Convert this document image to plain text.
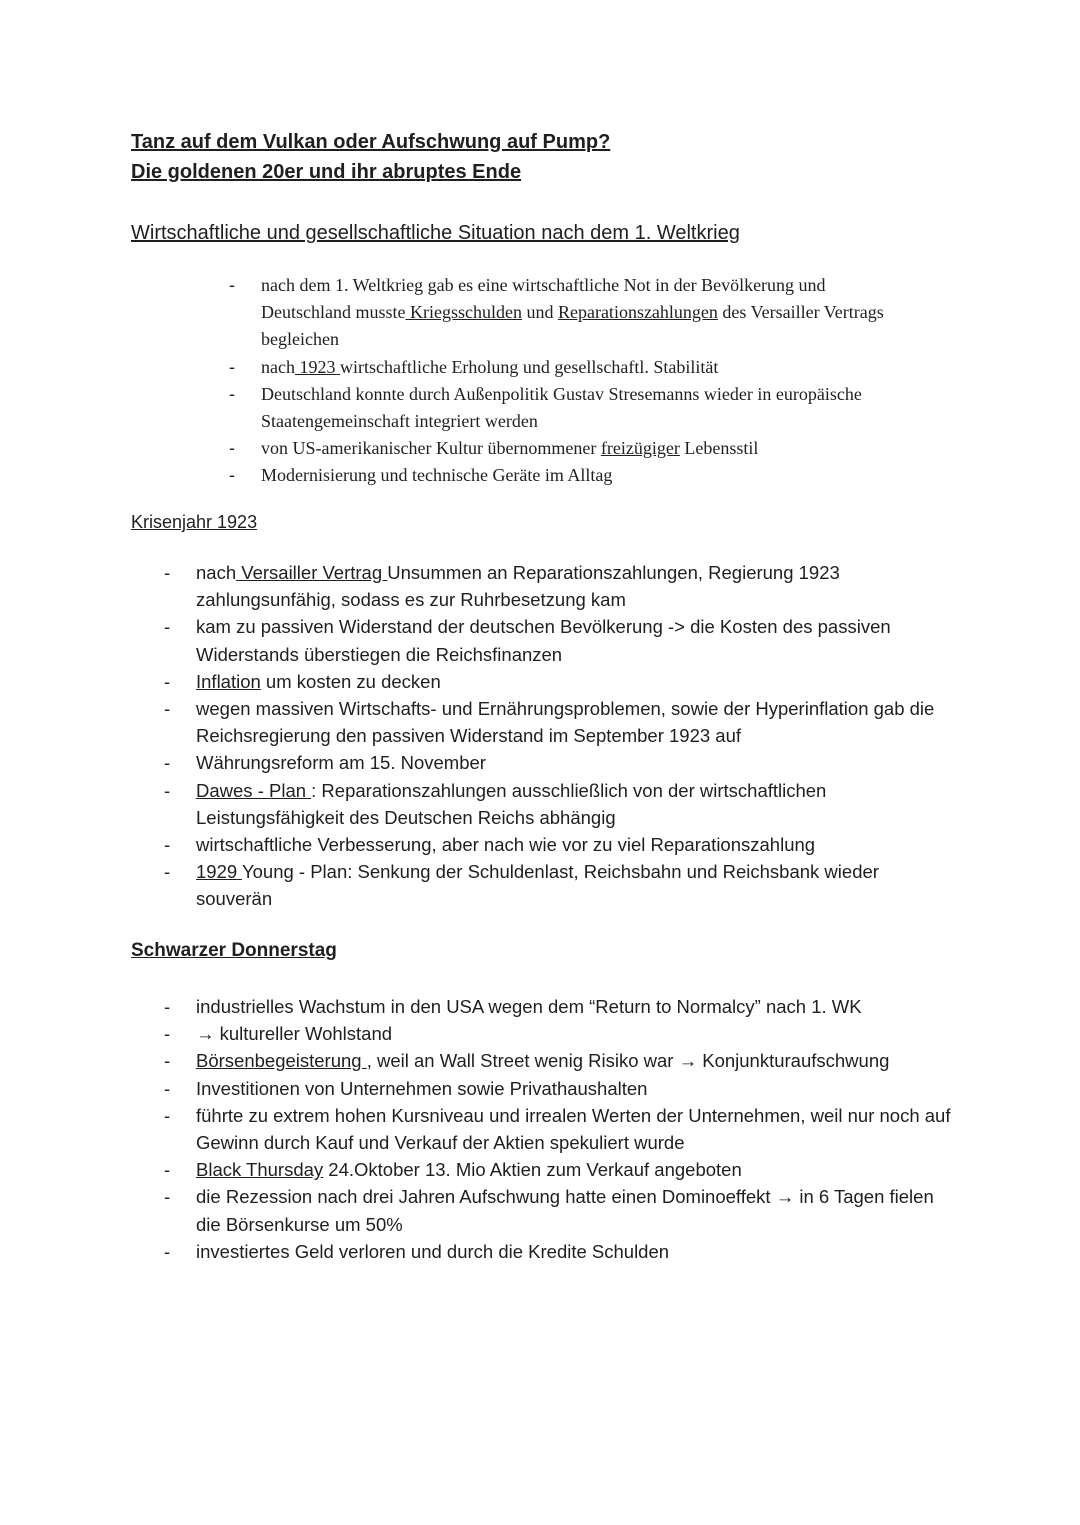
Tanz auf dem Vulkan oder Aufschwung auf Pump?
Die goldenen 20er und ihr abruptes Ende
Wirtschaftliche und gesellschaftliche Situation nach dem 1. Weltkrieg
- nach dem 1. Weltkrieg gab es eine wirtschaftliche Not in der Bevölkerung und Deutschland musste Kriegsschulden und Reparationszahlungen des Versailler Vertrags begleichen
- nach 1923 wirtschaftliche Erholung und gesellschaftl. Stabilität
- Deutschland konnte durch Außenpolitik Gustav Stresemanns wieder in europäische Staatengemeinschaft integriert werden
- von US-amerikanischer Kultur übernommener freizügiger Lebensstil
- Modernisierung und technische Geräte im Alltag
Krisenjahr 1923
- nach Versailler Vertrag Unsummen an Reparationszahlungen, Regierung 1923 zahlungsunfähig, sodass es zur Ruhrbesetzung kam
- kam zu passiven Widerstand der deutschen Bevölkerung -> die Kosten des passiven Widerstands überstiegen die Reichsfinanzen
- Inflation um kosten zu decken
- wegen massiven Wirtschafts- und Ernährungsproblemen, sowie der Hyperinflation gab die Reichsregierung den passiven Widerstand im September 1923 auf
- Währungsreform am 15. November
- Dawes - Plan : Reparationszahlungen ausschließlich von der wirtschaftlichen Leistungsfähigkeit des Deutschen Reichs abhängig
- wirtschaftliche Verbesserung, aber nach wie vor zu viel Reparationszahlung
- 1929 Young - Plan: Senkung der Schuldenlast, Reichsbahn und Reichsbank wieder souverän
Schwarzer Donnerstag
- industrielles Wachstum in den USA wegen dem “Return to Normalcy” nach 1. WK
- → kultureller Wohlstand
- Börsenbegeisterung , weil an Wall Street wenig Risiko war → Konjunkturaufschwung
- Investitionen von Unternehmen sowie Privathaushalten
- führte zu extrem hohen Kursniveau und irrealen Werten der Unternehmen, weil nur noch auf Gewinn durch Kauf und Verkauf der Aktien spekuliert wurde
- Black Thursday 24.Oktober 13. Mio Aktien zum Verkauf angeboten
- die Rezession nach drei Jahren Aufschwung hatte einen Dominoeffekt → in 6 Tagen fielen die Börsenkurse um 50%
- investiertes Geld verloren und durch die Kredite Schulden
